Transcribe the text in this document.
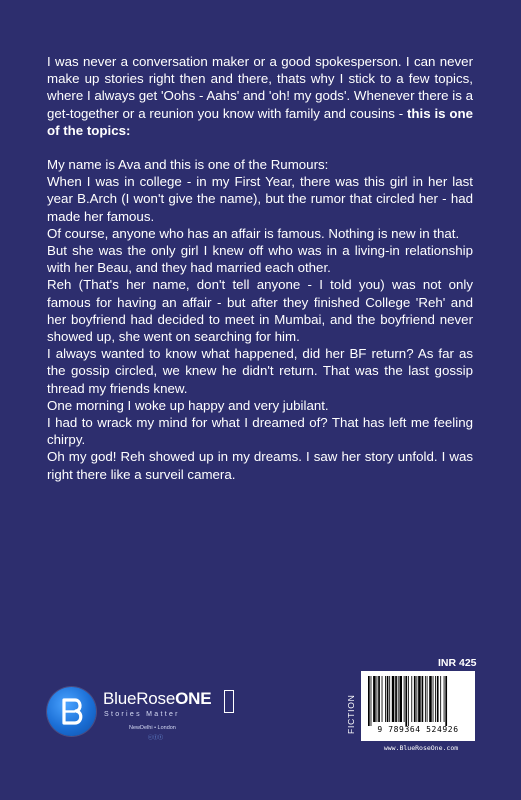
I was never a conversation maker or a good spokesperson. I can never make up stories right then and there, thats why I stick to a few topics, where I always get 'Oohs - Aahs' and 'oh! my gods'. Whenever there is a get-together or a reunion you know with family and cousins - this is one of the topics:

My name is Ava and this is one of the Rumours:

When I was in college - in my First Year, there was this girl in her last year B.Arch (I won't give the name), but the rumor that circled her - had made her famous.

Of course, anyone who has an affair is famous. Nothing is new in that.

But she was the only girl I knew off who was in a living-in relationship with her Beau, and they had married each other.

Reh (That's her name, don't tell anyone - I told you) was not only famous for having an affair - but after they finished College 'Reh' and her boyfriend had decided to meet in Mumbai, and the boyfriend never showed up, she went on searching for him.

I always wanted to know what happened, did her BF return? As far as the gossip circled, we knew he didn't return. That was the last gossip thread my friends knew.

One morning I woke up happy and very jubilant.

I had to wrack my mind for what I dreamed of? That has left me feeling chirpy.

Oh my god! Reh showed up in my dreams. I saw her story unfold. I was right there like a surveil camera.

BlueRoseONE
Stories Matter
NewDelhi • London
ⓒⓕⓣ
INR 425
FICTION	9 789364 524926
www.BlueRoseOne.com
